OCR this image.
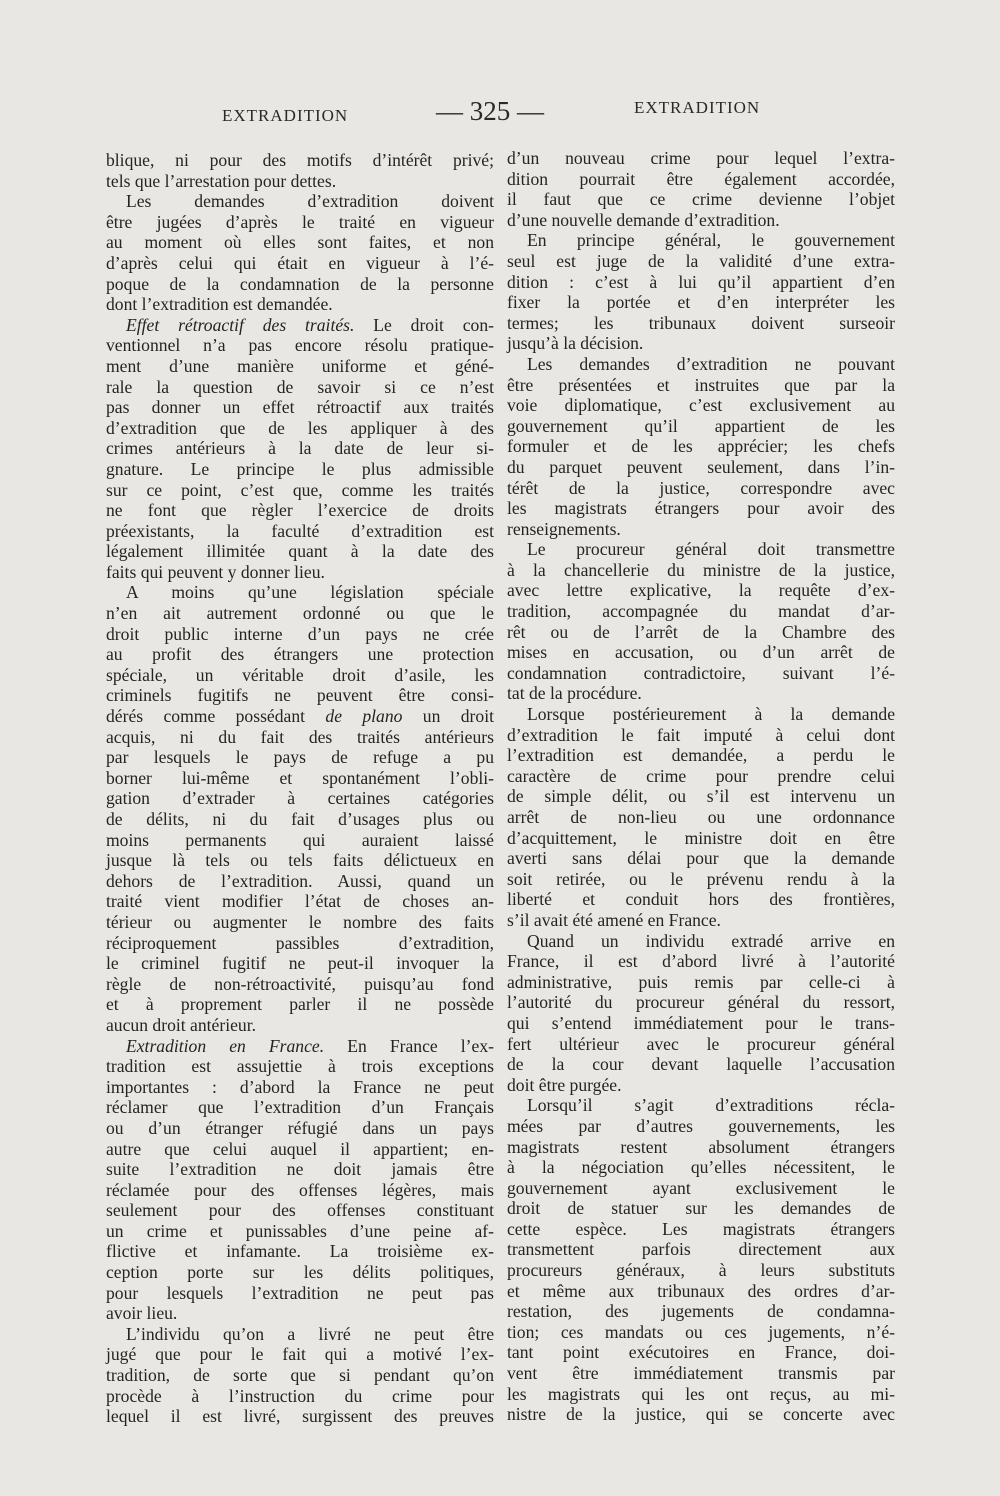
EXTRADITION	— 325 —	EXTRADITION
blique, ni pour des motifs d’intérêt privé;
tels que l’arrestation pour dettes.
Les demandes d’extradition doivent
être jugées d’après le traité en vigueur
au moment où elles sont faites, et non
d’après celui qui était en vigueur à l’é-
poque de la condamnation de la personne
dont l’extradition est demandée.
Effet rétroactif des traités. Le droit con-
ventionnel n’a pas encore résolu pratique-
ment d’une manière uniforme et géné-
rale la question de savoir si ce n’est
pas donner un effet rétroactif aux traités
d’extradition que de les appliquer à des
crimes antérieurs à la date de leur si-
gnature. Le principe le plus admissible
sur ce point, c’est que, comme les traités
ne font que règler l’exercice de droits
préexistants, la faculté d’extradition est
légalement illimitée quant à la date des
faits qui peuvent y donner lieu.
A moins qu’une législation spéciale
n’en ait autrement ordonné ou que le
droit public interne d’un pays ne crée
au profit des étrangers une protection
spéciale, un véritable droit d’asile, les
criminels fugitifs ne peuvent être consi-
dérés comme possédant de plano un droit
acquis, ni du fait des traités antérieurs
par lesquels le pays de refuge a pu
borner lui-même et spontanément l’obli-
gation d’extrader à certaines catégories
de délits, ni du fait d’usages plus ou
moins permanents qui auraient laissé
jusque là tels ou tels faits délictueux en
dehors de l’extradition. Aussi, quand un
traité vient modifier l’état de choses an-
térieur ou augmenter le nombre des faits
réciproquement passibles d’extradition,
le criminel fugitif ne peut-il invoquer la
règle de non-rétroactivité, puisqu’au fond
et à proprement parler il ne possède
aucun droit antérieur.
Extradition en France. En France l’ex-
tradition est assujettie à trois exceptions
importantes : d’abord la France ne peut
réclamer que l’extradition d’un Français
ou d’un étranger réfugié dans un pays
autre que celui auquel il appartient; en-
suite l’extradition ne doit jamais être
réclamée pour des offenses légères, mais
seulement pour des offenses constituant
un crime et punissables d’une peine af-
flictive et infamante. La troisième ex-
ception porte sur les délits politiques,
pour lesquels l’extradition ne peut pas
avoir lieu.
L’individu qu’on a livré ne peut être
jugé que pour le fait qui a motivé l’ex-
tradition, de sorte que si pendant qu’on
procède à l’instruction du crime pour
lequel il est livré, surgissent des preuves
d’un nouveau crime pour lequel l’extra-
dition pourrait être également accordée,
il faut que ce crime devienne l’objet
d’une nouvelle demande d’extradition.
En principe général, le gouvernement
seul est juge de la validité d’une extra-
dition : c’est à lui qu’il appartient d’en
fixer la portée et d’en interpréter les
termes; les tribunaux doivent surseoir
jusqu’à la décision.
Les demandes d’extradition ne pouvant
être présentées et instruites que par la
voie diplomatique, c’est exclusivement au
gouvernement qu’il appartient de les
formuler et de les apprécier; les chefs
du parquet peuvent seulement, dans l’in-
térêt de la justice, correspondre avec
les magistrats étrangers pour avoir des
renseignements.
Le procureur général doit transmettre
à la chancellerie du ministre de la justice,
avec lettre explicative, la requête d’ex-
tradition, accompagnée du mandat d’ar-
rêt ou de l’arrêt de la Chambre des
mises en accusation, ou d’un arrêt de
condamnation contradictoire, suivant l’é-
tat de la procédure.
Lorsque postérieurement à la demande
d’extradition le fait imputé à celui dont
l’extradition est demandée, a perdu le
caractère de crime pour prendre celui
de simple délit, ou s’il est intervenu un
arrêt de non-lieu ou une ordonnance
d’acquittement, le ministre doit en être
averti sans délai pour que la demande
soit retirée, ou le prévenu rendu à la
liberté et conduit hors des frontières,
s’il avait été amené en France.
Quand un individu extradé arrive en
France, il est d’abord livré à l’autorité
administrative, puis remis par celle-ci à
l’autorité du procureur général du ressort,
qui s’entend immédiatement pour le trans-
fert ultérieur avec le procureur général
de la cour devant laquelle l’accusation
doit être purgée.
Lorsqu’il s’agit d’extraditions récla-
mées par d’autres gouvernements, les
magistrats restent absolument étrangers
à la négociation qu’elles nécessitent, le
gouvernement ayant exclusivement le
droit de statuer sur les demandes de
cette espèce. Les magistrats étrangers
transmettent parfois directement aux
procureurs généraux, à leurs substituts
et même aux tribunaux des ordres d’ar-
restation, des jugements de condamna-
tion; ces mandats ou ces jugements, n’é-
tant point exécutoires en France, doi-
vent être immédiatement transmis par
les magistrats qui les ont reçus, au mi-
nistre de la justice, qui se concerte avec
